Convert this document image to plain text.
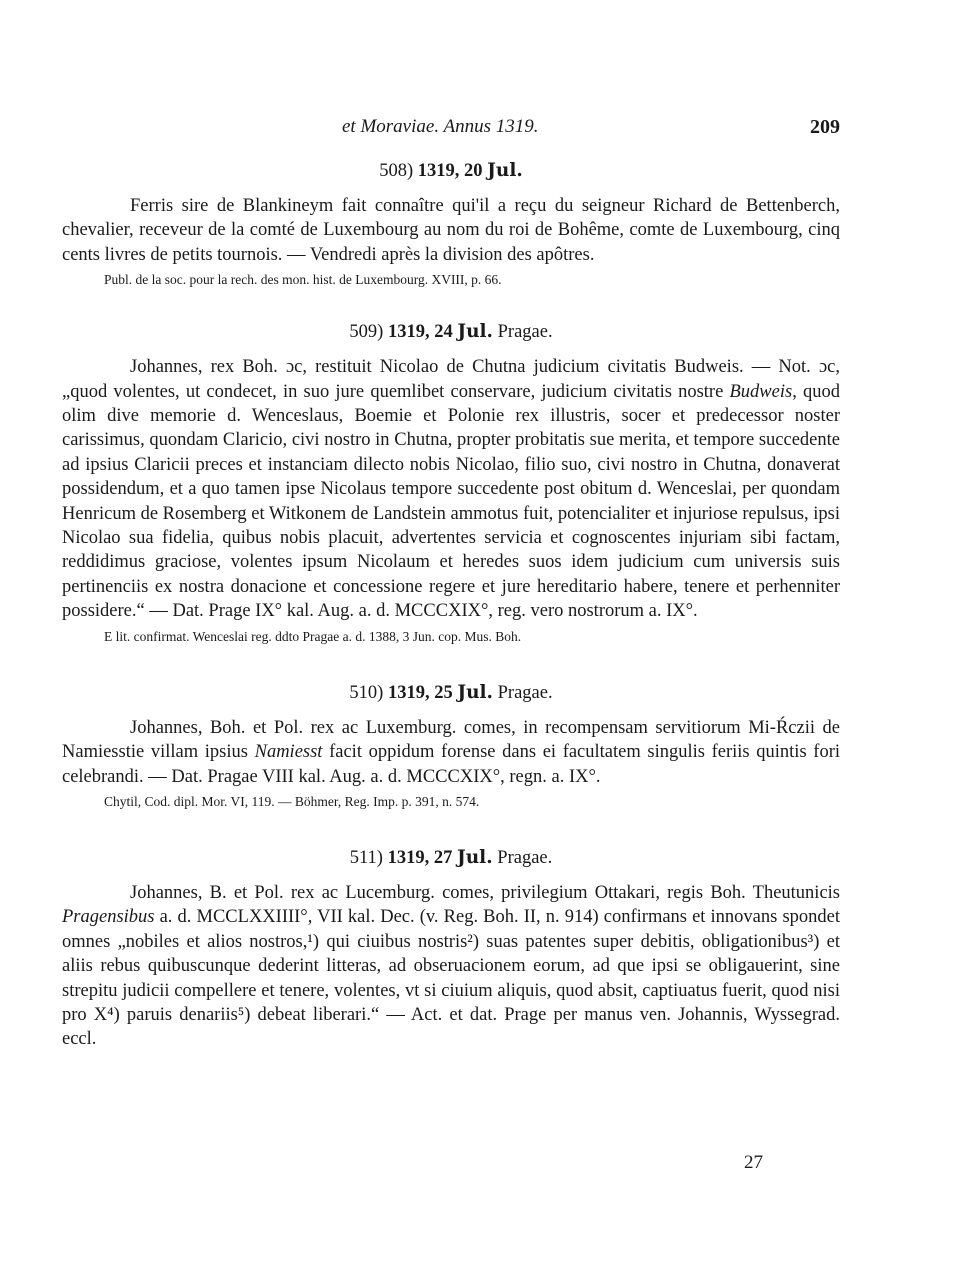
et Moraviae. Annus 1319.	209
508) 1319, 20 Jul.

Ferris sire de Blankineym fait connaître qui'il a reçu du seigneur Richard de Bettenberch, chevalier, receveur de la comté de Luxembourg au nom du roi de Bohême, comte de Luxembourg, cinq cents livres de petits tournois. — Vendredi après la division des apôtres.

Publ. de la soc. pour la rech. des mon. hist. de Luxembourg. XVIII, p. 66.
509) 1319, 24 Jul. Pragae.

Johannes, rex Boh. ɔc, restituit Nicolao de Chutna judicium civitatis Budweis. — Not. ɔc, „quod volentes, ut condecet, in suo jure quemlibet conservare, judicium civitatis nostre Budweis, quod olim dive memorie d. Wenceslaus, Boemie et Polonie rex illustris, socer et predecessor noster carissimus, quondam Claricio, civi nostro in Chutna, propter probitatis sue merita, et tempore succedente ad ipsius Claricii preces et instanciam dilecto nobis Nicolao, filio suo, civi nostro in Chutna, donaverat possidendum, et a quo tamen ipse Nicolaus tempore succedente post obitum d. Wenceslai, per quondam Henricum de Rosemberg et Witkonem de Landstein ammotus fuit, potencialiter et injuriose repulsus, ipsi Nicolao sua fidelia, quibus nobis placuit, advertentes servicia et cognoscentes injuriam sibi factam, reddidimus graciose, volentes ipsum Nicolaum et heredes suos idem judicium cum universis suis pertinenciis ex nostra donacione et concessione regere et jure hereditario habere, tenere et perhenniter possidere.“ — Dat. Prage IX° kal. Aug. a. d. MCCCXIX°, reg. vero nostrorum a. IX°.

E lit. confirmat. Wenceslai reg. ddto Pragae a. d. 1388, 3 Jun. cop. Mus. Boh.
510) 1319, 25 Jul. Pragae.

Johannes, Boh. et Pol. rex ac Luxemburg. comes, in recompensam servitiorum Mi-Ŕczii de Namiesstie villam ipsius Namiesst facit oppidum forense dans ei facultatem singulis feriis quintis fori celebrandi. — Dat. Pragae VIII kal. Aug. a. d. MCCCXIX°, regn. a. IX°.

Chytil, Cod. dipl. Mor. VI, 119. — Böhmer, Reg. Imp. p. 391, n. 574.
511) 1319, 27 Jul. Pragae.

Johannes, B. et Pol. rex ac Lucemburg. comes, privilegium Ottakari, regis Boh. Theutunicis Pragensibus a. d. MCCLXXIIII°, VII kal. Dec. (v. Reg. Boh. II, n. 914) confirmans et innovans spondet omnes „nobiles et alios nostros,¹) qui ciuibus nostris²) suas patentes super debitis, obligationibus³) et aliis rebus quibuscunque dederint litteras, ad obseruacionem eorum, ad que ipsi se obligauerint, sine strepitu judicii compellere et tenere, volentes, vt si ciuium aliquis, quod absit, captiuatus fuerit, quod nisi pro X⁴) paruis denariis⁵) debeat liberari.“ — Act. et dat. Prage per manus ven. Johannis, Wyssegrad. eccl.

27
